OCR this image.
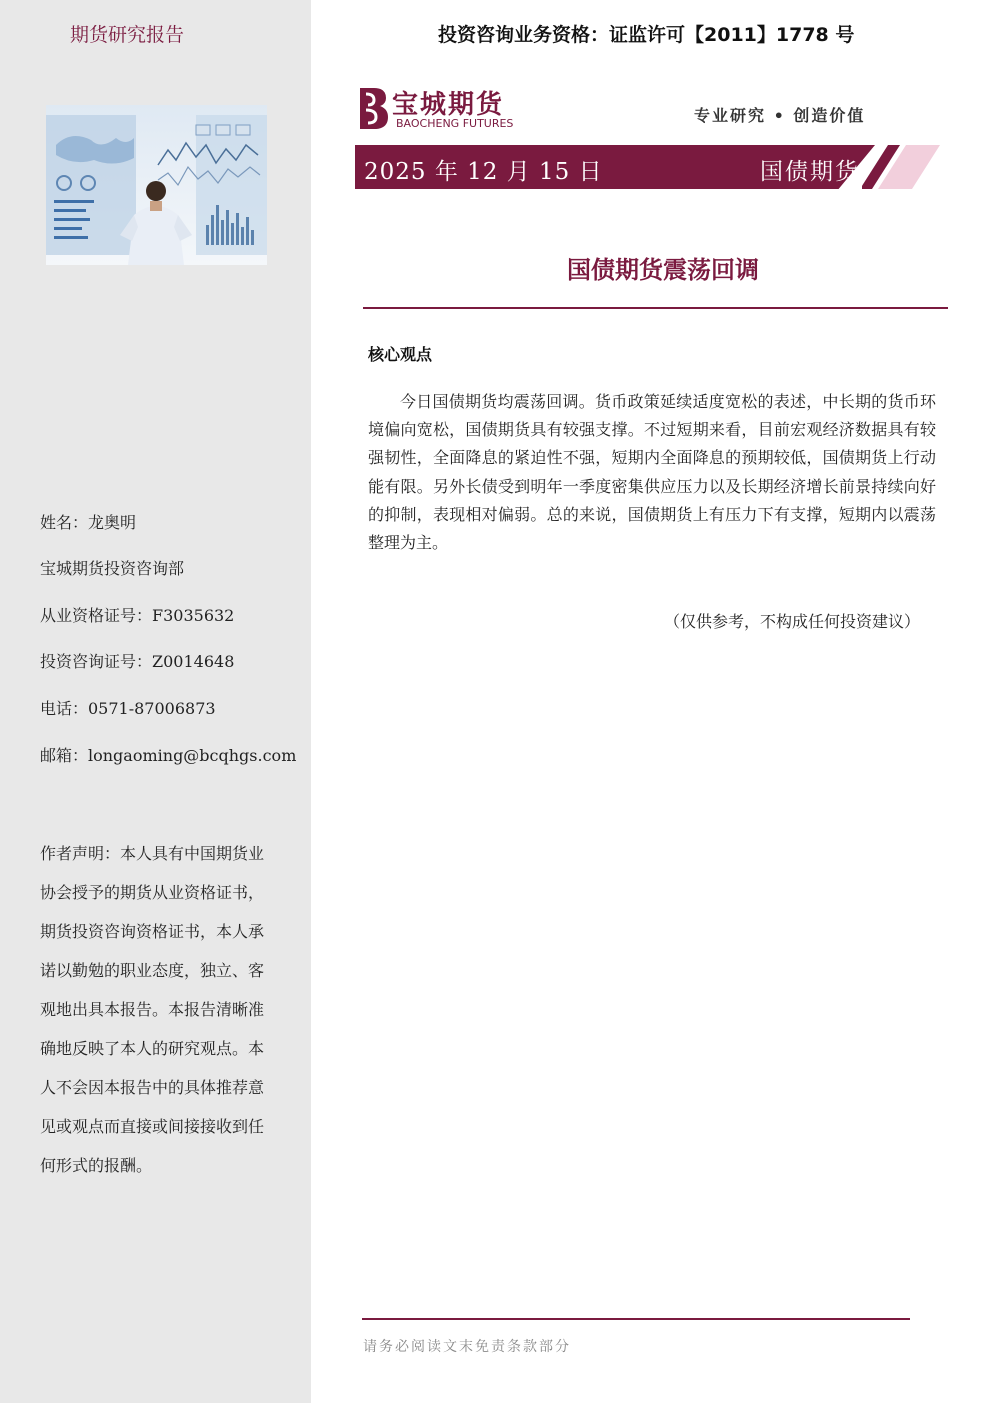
期货研究报告
姓名：龙奥明
宝城期货投资咨询部
从业资格证号：F3035632
投资咨询证号：Z0014648
电话：0571-87006873
邮箱：longaoming@bcqhgs.com
作者声明：本人具有中国期货业协会授予的期货从业资格证书，期货投资咨询资格证书，本人承诺以勤勉的职业态度，独立、客观地出具本报告。本报告清晰准确地反映了本人的研究观点。本人不会因本报告中的具体推荐意见或观点而直接或间接接收到任何形式的报酬。
投资咨询业务资格：证监许可【2011】1778 号
宝城期货
BAOCHENG FUTURES	专业研究 • 创造价值
2025 年 12 月 15 日	国债期货
国债期货震荡回调
核心观点
今日国债期货均震荡回调。货币政策延续适度宽松的表述，中长期的货币环境偏向宽松，国债期货具有较强支撑。不过短期来看，目前宏观经济数据具有较强韧性，全面降息的紧迫性不强，短期内全面降息的预期较低，国债期货上行动能有限。另外长债受到明年一季度密集供应压力以及长期经济增长前景持续向好的抑制，表现相对偏弱。总的来说，国债期货上有压力下有支撑，短期内以震荡整理为主。
（仅供参考，不构成任何投资建议）
请务必阅读文末免责条款部分
